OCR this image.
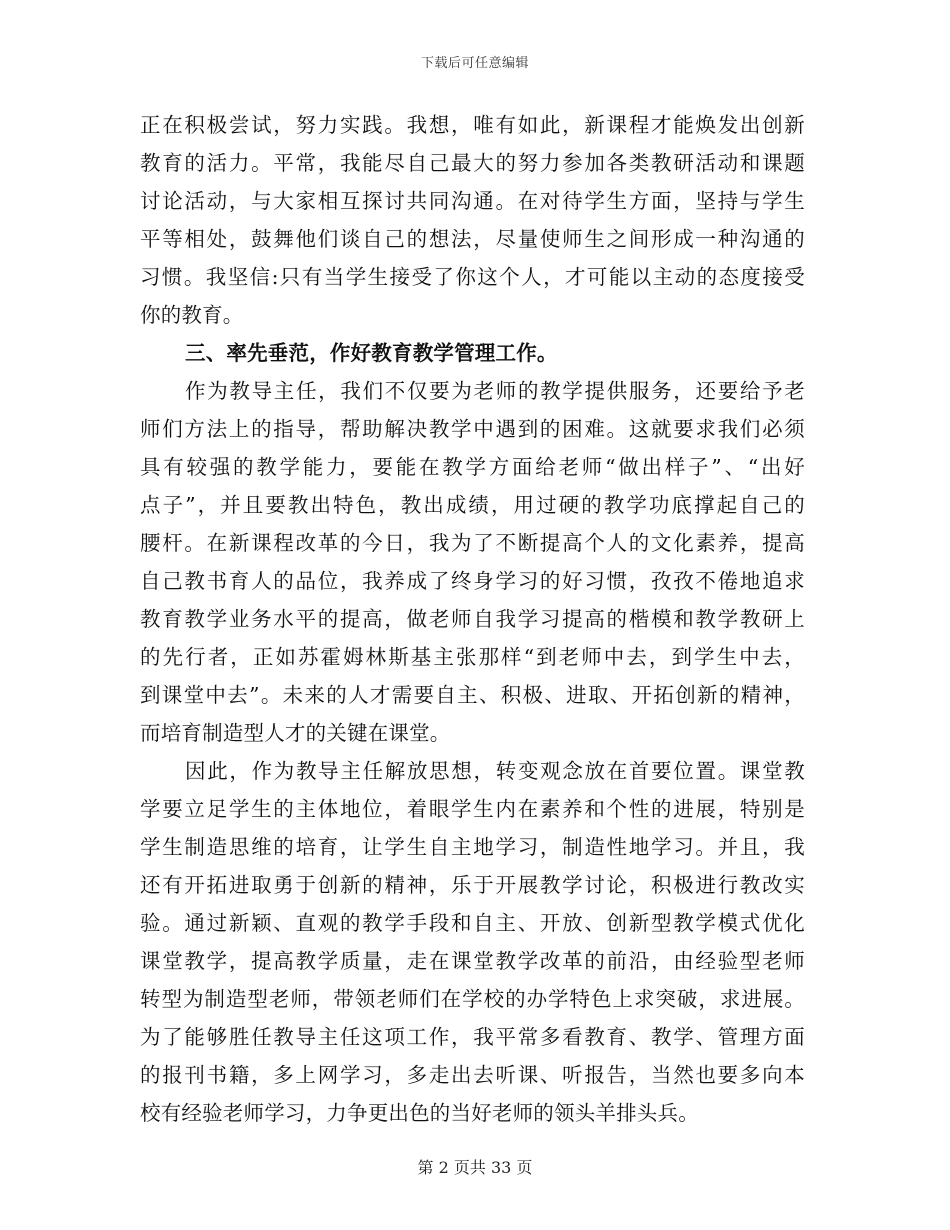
下载后可任意编辑
正在积极尝试，努力实践。我想，唯有如此，新课程才能焕发出创新
教育的活力。平常，我能尽自己最大的努力参加各类教研活动和课题
讨论活动，与大家相互探讨共同沟通。在对待学生方面，坚持与学生
平等相处，鼓舞他们谈自己的想法，尽量使师生之间形成一种沟通的
习惯。我坚信:只有当学生接受了你这个人，才可能以主动的态度接受
你的教育。
三、率先垂范，作好教育教学管理工作。
作为教导主任，我们不仅要为老师的教学提供服务，还要给予老
师们方法上的指导，帮助解决教学中遇到的困难。这就要求我们必须
具有较强的教学能力，要能在教学方面给老师“做出样子”、“出好
点子”，并且要教出特色，教出成绩，用过硬的教学功底撑起自己的
腰杆。在新课程改革的今日，我为了不断提高个人的文化素养，提高
自己教书育人的品位，我养成了终身学习的好习惯，孜孜不倦地追求
教育教学业务水平的提高，做老师自我学习提高的楷模和教学教研上
的先行者，正如苏霍姆林斯基主张那样“到老师中去，到学生中去，
到课堂中去”。未来的人才需要自主、积极、进取、开拓创新的精神，
而培育制造型人才的关键在课堂。
因此，作为教导主任解放思想，转变观念放在首要位置。课堂教
学要立足学生的主体地位，着眼学生内在素养和个性的进展，特别是
学生制造思维的培育，让学生自主地学习，制造性地学习。并且，我
还有开拓进取勇于创新的精神，乐于开展教学讨论，积极进行教改实
验。通过新颖、直观的教学手段和自主、开放、创新型教学模式优化
课堂教学，提高教学质量，走在课堂教学改革的前沿，由经验型老师
转型为制造型老师，带领老师们在学校的办学特色上求突破，求进展。
为了能够胜任教导主任这项工作，我平常多看教育、教学、管理方面
的报刊书籍，多上网学习，多走出去听课、听报告，当然也要多向本
校有经验老师学习，力争更出色的当好老师的领头羊排头兵。
第 2 页共 33 页
